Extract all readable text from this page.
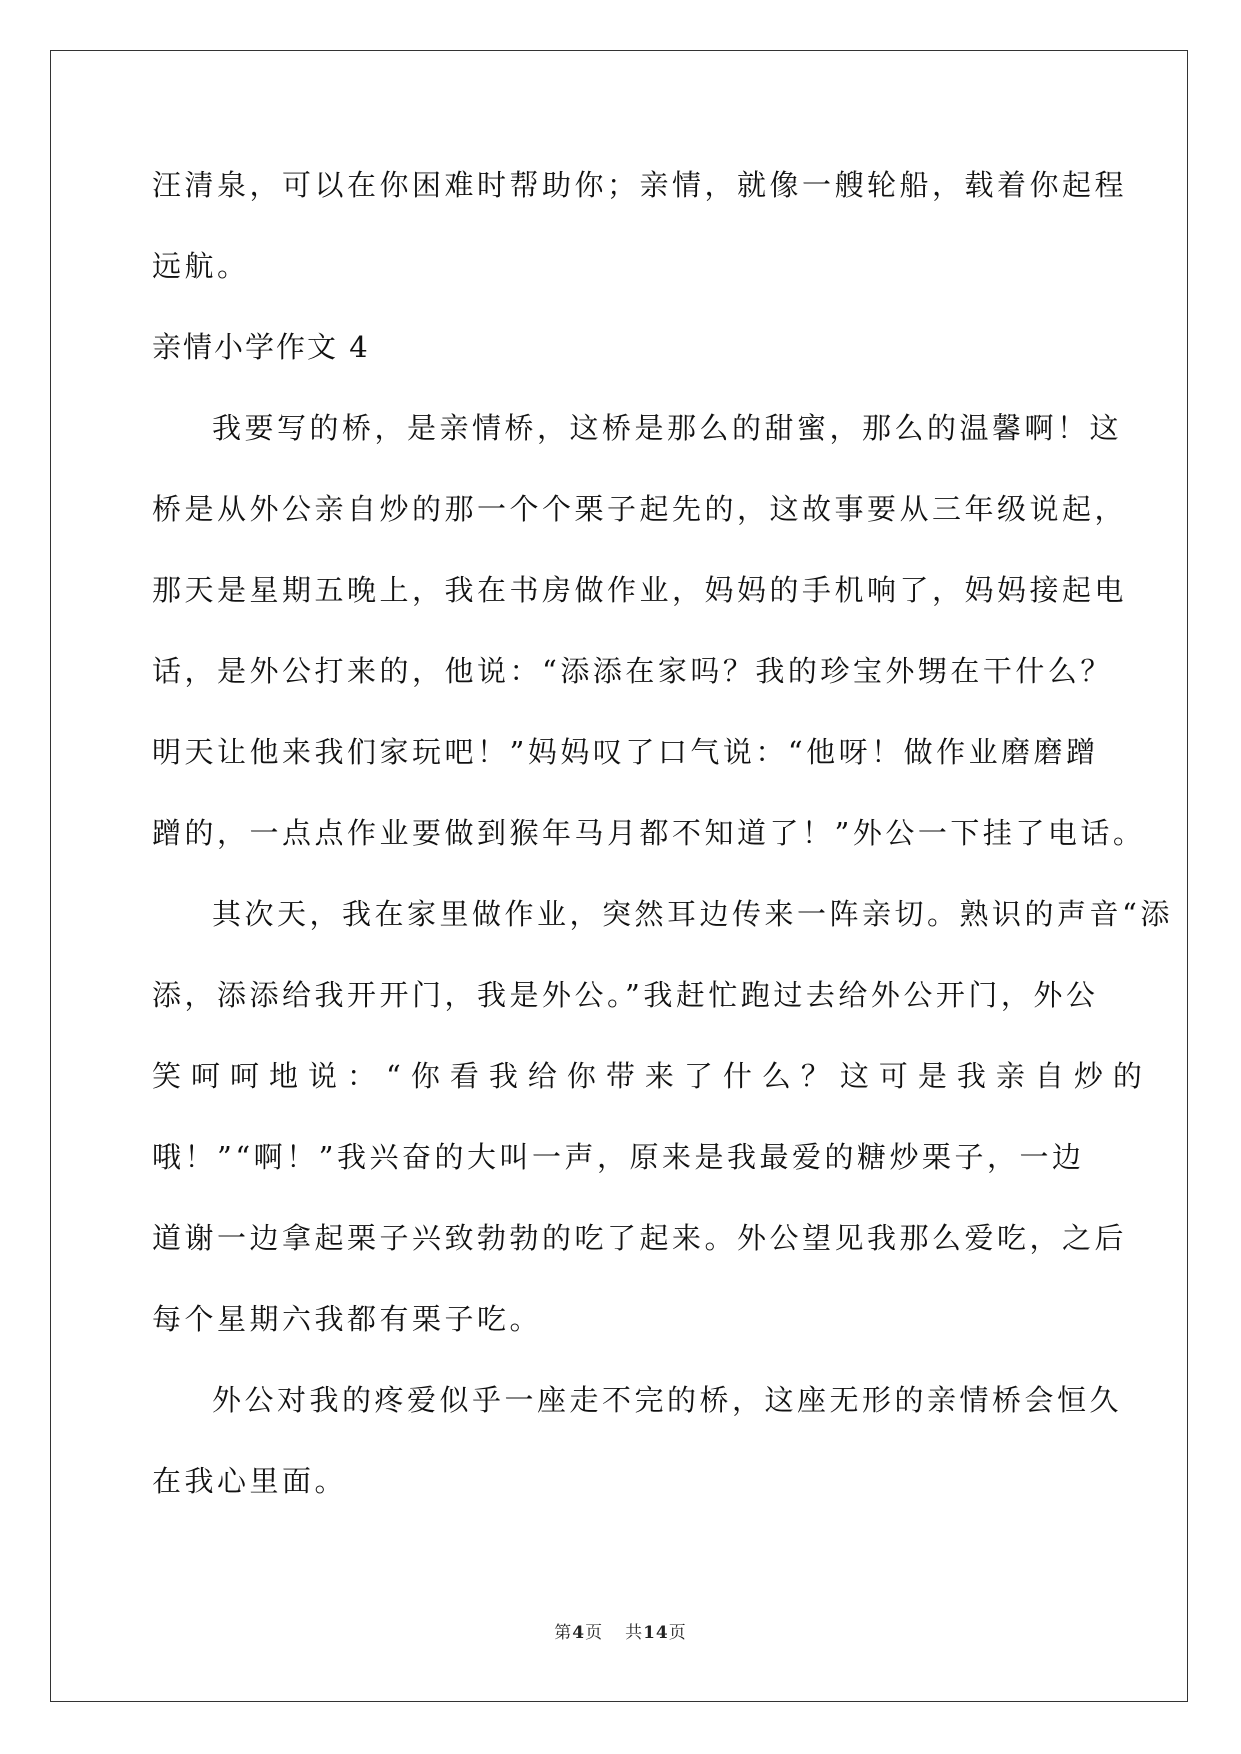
汪清泉，可以在你困难时帮助你；亲情，就像一艘轮船，载着你起程
远航。
亲情小学作文 4
我要写的桥，是亲情桥，这桥是那么的甜蜜，那么的温馨啊！这
桥是从外公亲自炒的那一个个栗子起先的，这故事要从三年级说起，
那天是星期五晚上，我在书房做作业，妈妈的手机响了，妈妈接起电
话，是外公打来的，他说：“添添在家吗？我的珍宝外甥在干什么？
明天让他来我们家玩吧！”妈妈叹了口气说：“他呀！做作业磨磨蹭
蹭的，一点点作业要做到猴年马月都不知道了！”外公一下挂了电话。
其次天，我在家里做作业，突然耳边传来一阵亲切。熟识的声音“添
添，添添给我开开门，我是外公。”我赶忙跑过去给外公开门，外公
笑呵呵地说：“你看我给你带来了什么？这可是我亲自炒的
哦！”“啊！”我兴奋的大叫一声，原来是我最爱的糖炒栗子，一边
道谢一边拿起栗子兴致勃勃的吃了起来。外公望见我那么爱吃，之后
每个星期六我都有栗子吃。
外公对我的疼爱似乎一座走不完的桥，这座无形的亲情桥会恒久
在我心里面。
第4页 共14页
